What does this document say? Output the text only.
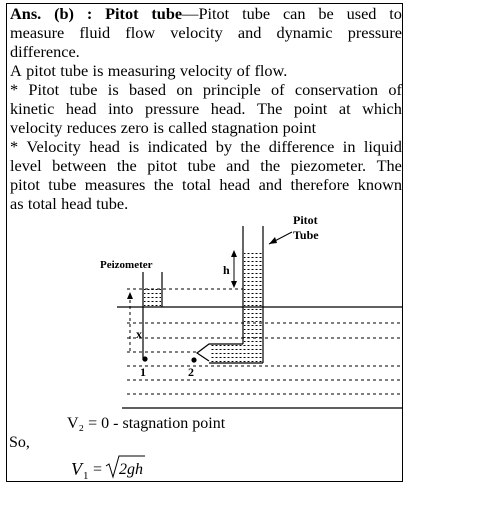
Ans. (b) : Pitot tube—Pitot tube can be used to
measure fluid flow velocity and dynamic pressure
difference.
A pitot tube is measuring velocity of flow.
* Pitot tube is based on principle of conservation of
kinetic head into pressure head. The point at which
velocity reduces zero is called stagnation point
* Velocity head is indicated by the difference in liquid
level between the pitot tube and the piezometer. The
pitot tube measures the total head and therefore known
as total head tube.
Pitot
Tube
Peizometer	h
x
1	2
V₂ = 0 - stagnation point
So,
V 1 = 2gh
